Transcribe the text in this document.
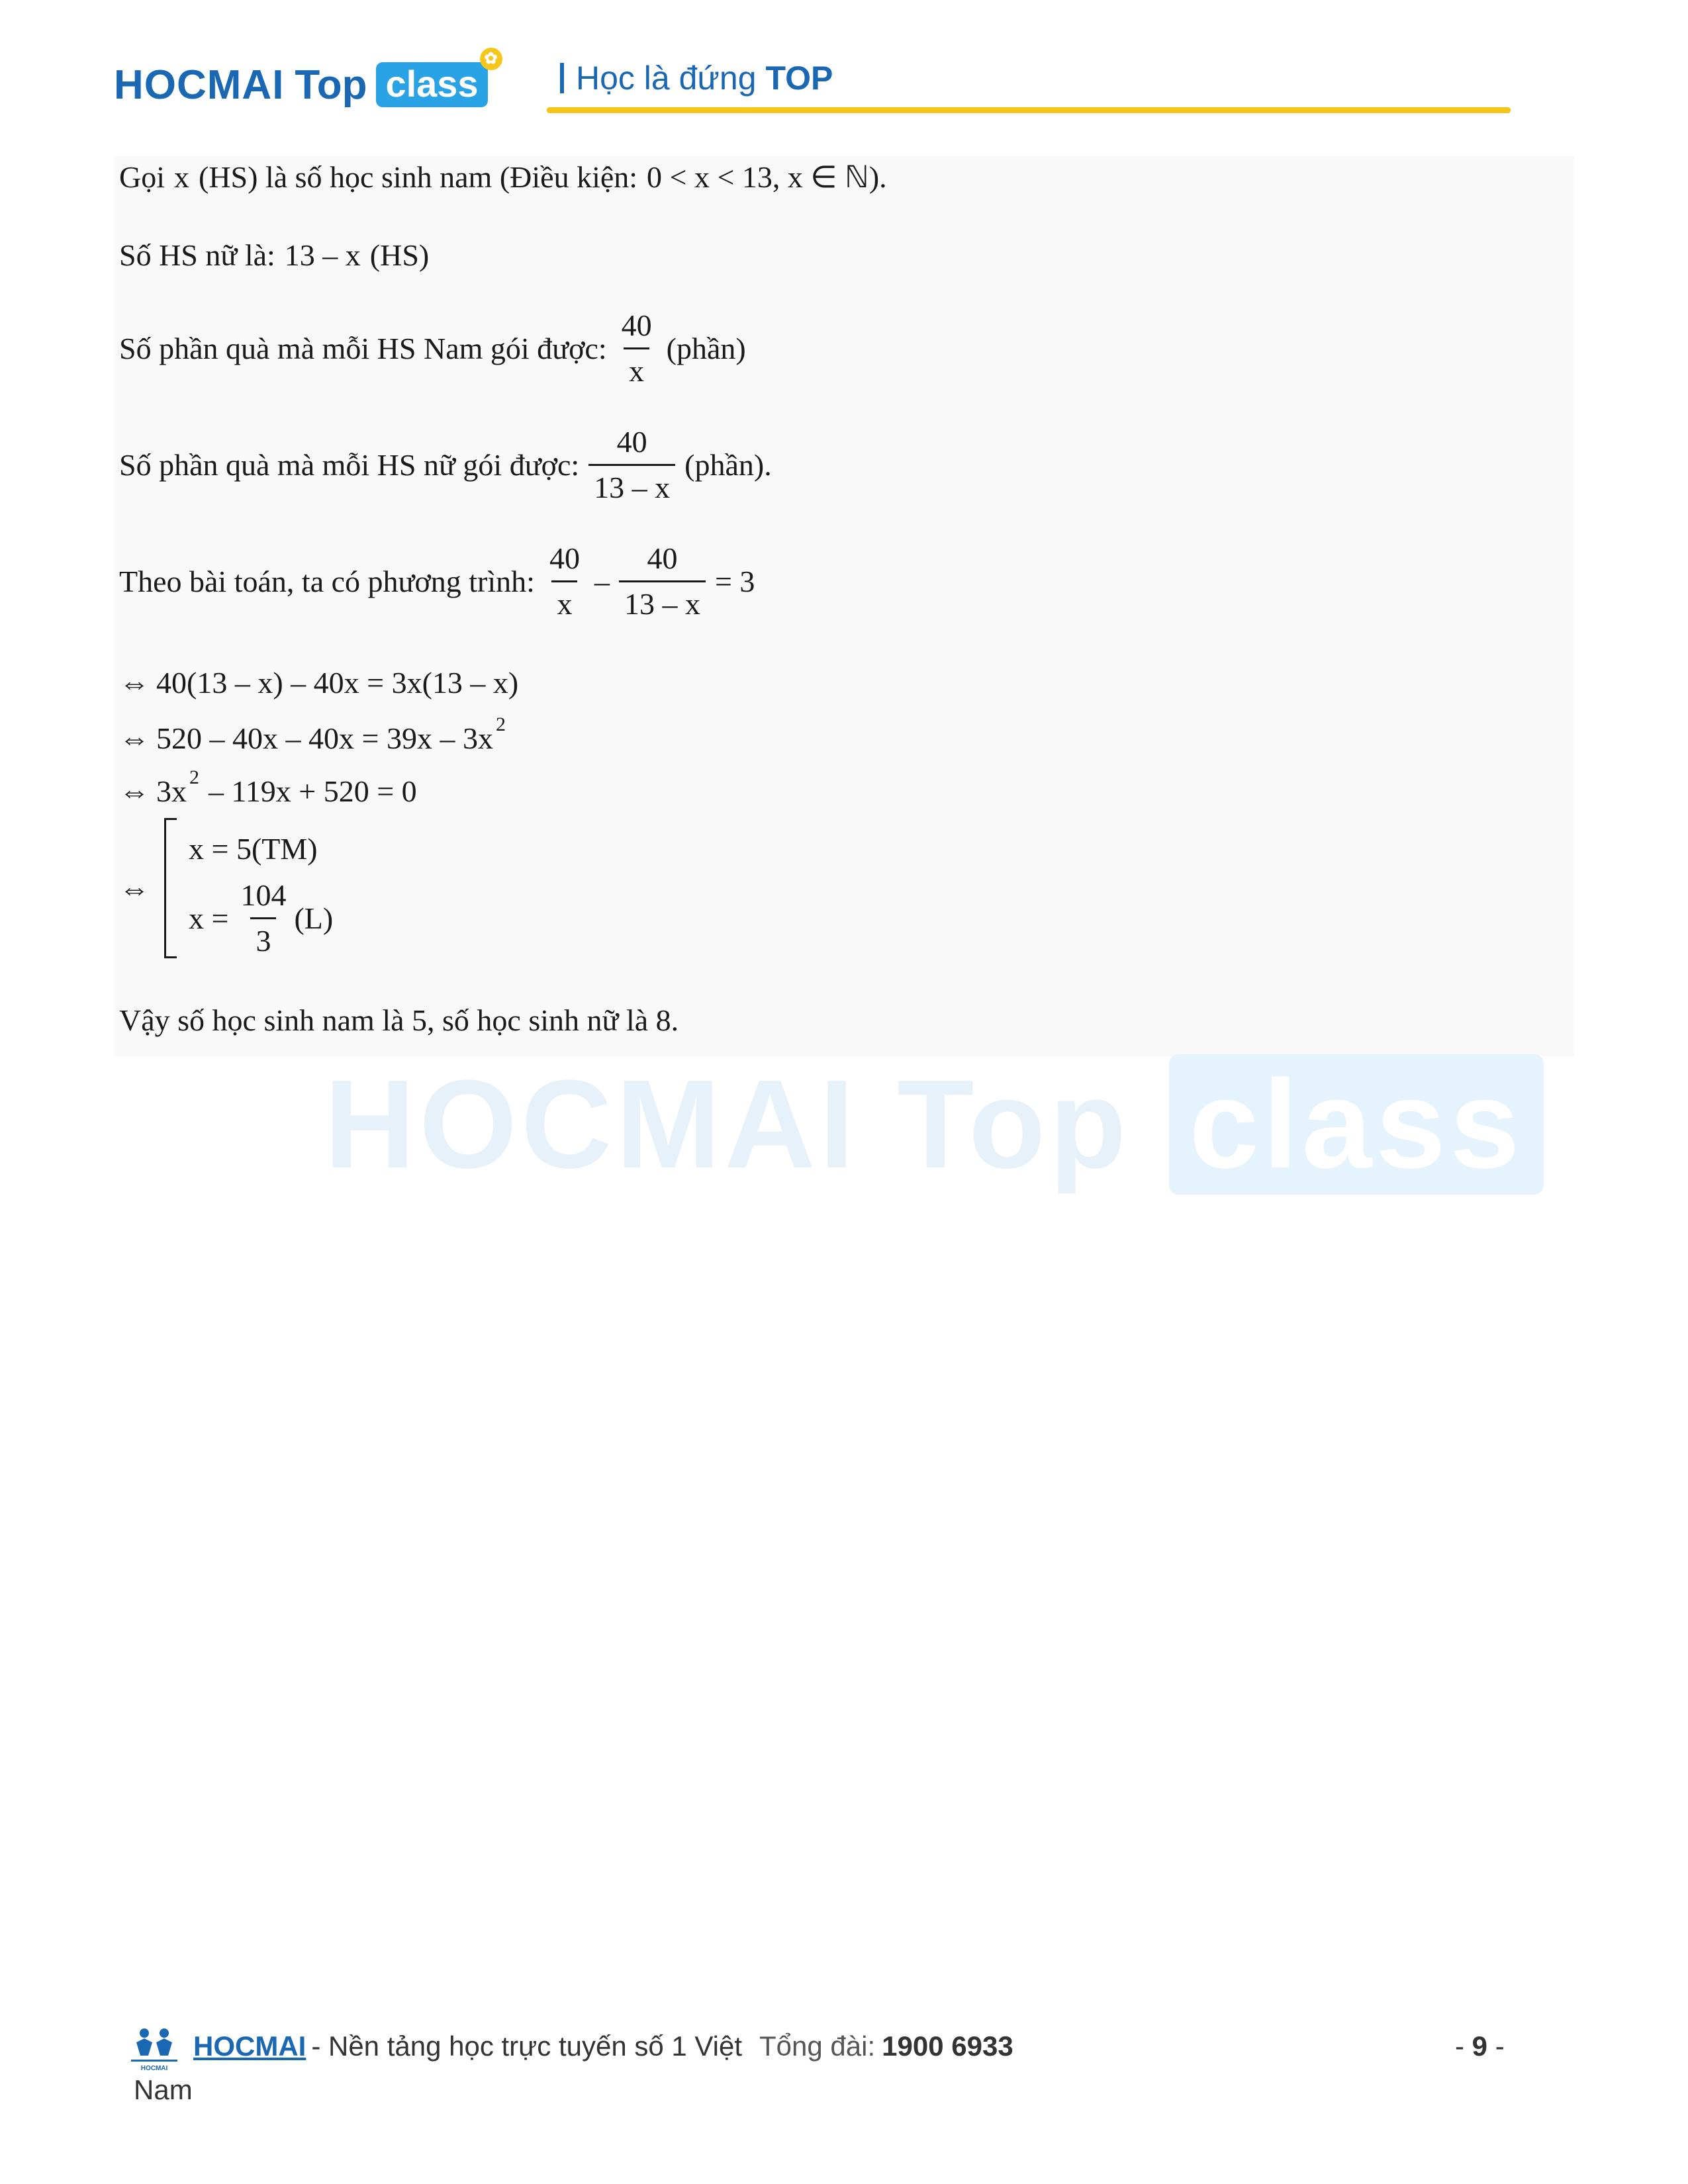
HOCMAI Top class
✿
Học là đứng TOP
HOCMAI Top class
Gọi x (HS) là số học sinh nam (Điều kiện: 0 < x < 13, x ∈ ℕ ).
Số HS nữ là: 13 – x (HS)
Số phần quà mà mỗi HS Nam gói được: $\frac{40}{x}$ (phần)
Số phần quà mà mỗi HS nữ gói được: $\frac{40}{13 - x}$ (phần).
Theo bài toán, ta có phương trình: $\frac{40}{x} - \frac{40}{13 - x} = 3$
⇔ 40(13 – x) – 40x = 3x(13 – x)
⇔ 520 – 40x – 40x = 39x – 3x 2
⇔ 3x 2 – 119x + 520 = 0
⇔
x = 5(TM)
$x = \frac{104}{3} (L)$
Vậy số học sinh nam là 5, số học sinh nữ là 8.
HOCMAI
HOCMAI - Nền tảng học trực tuyến số 1 Việt Tổng đài: 1900 6933
Nam
- 9 -
